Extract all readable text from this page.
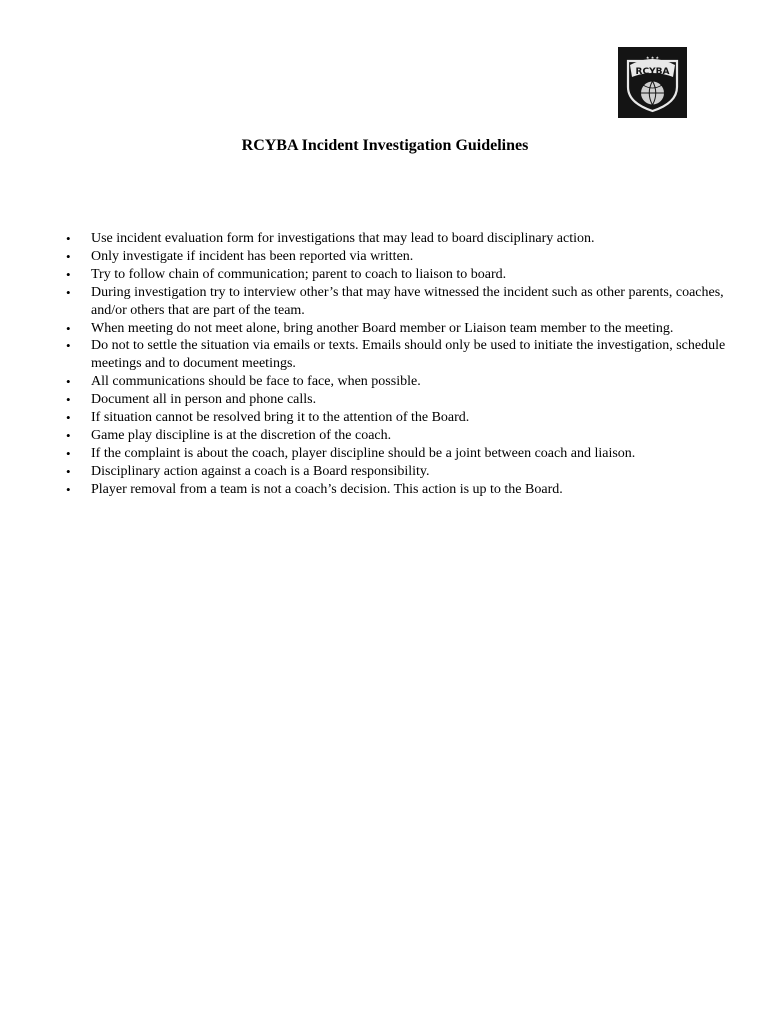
RCYBA
★ ★ ★
RCYBA Incident Investigation Guidelines
• Use incident evaluation form for investigations that may lead to board disciplinary action.
• Only investigate if incident has been reported via written.
• Try to follow chain of communication; parent to coach to liaison to board.
• During investigation try to interview other’s that may have witnessed the incident such as other parents, coaches, and/or others that are part of the team.
• When meeting do not meet alone, bring another Board member or Liaison team member to the meeting.
• Do not to settle the situation via emails or texts. Emails should only be used to initiate the investigation, schedule meetings and to document meetings.
• All communications should be face to face, when possible.
• Document all in person and phone calls.
• If situation cannot be resolved bring it to the attention of the Board.
• Game play discipline is at the discretion of the coach.
• If the complaint is about the coach, player discipline should be a joint between coach and liaison.
• Disciplinary action against a coach is a Board responsibility.
• Player removal from a team is not a coach’s decision. This action is up to the Board.
